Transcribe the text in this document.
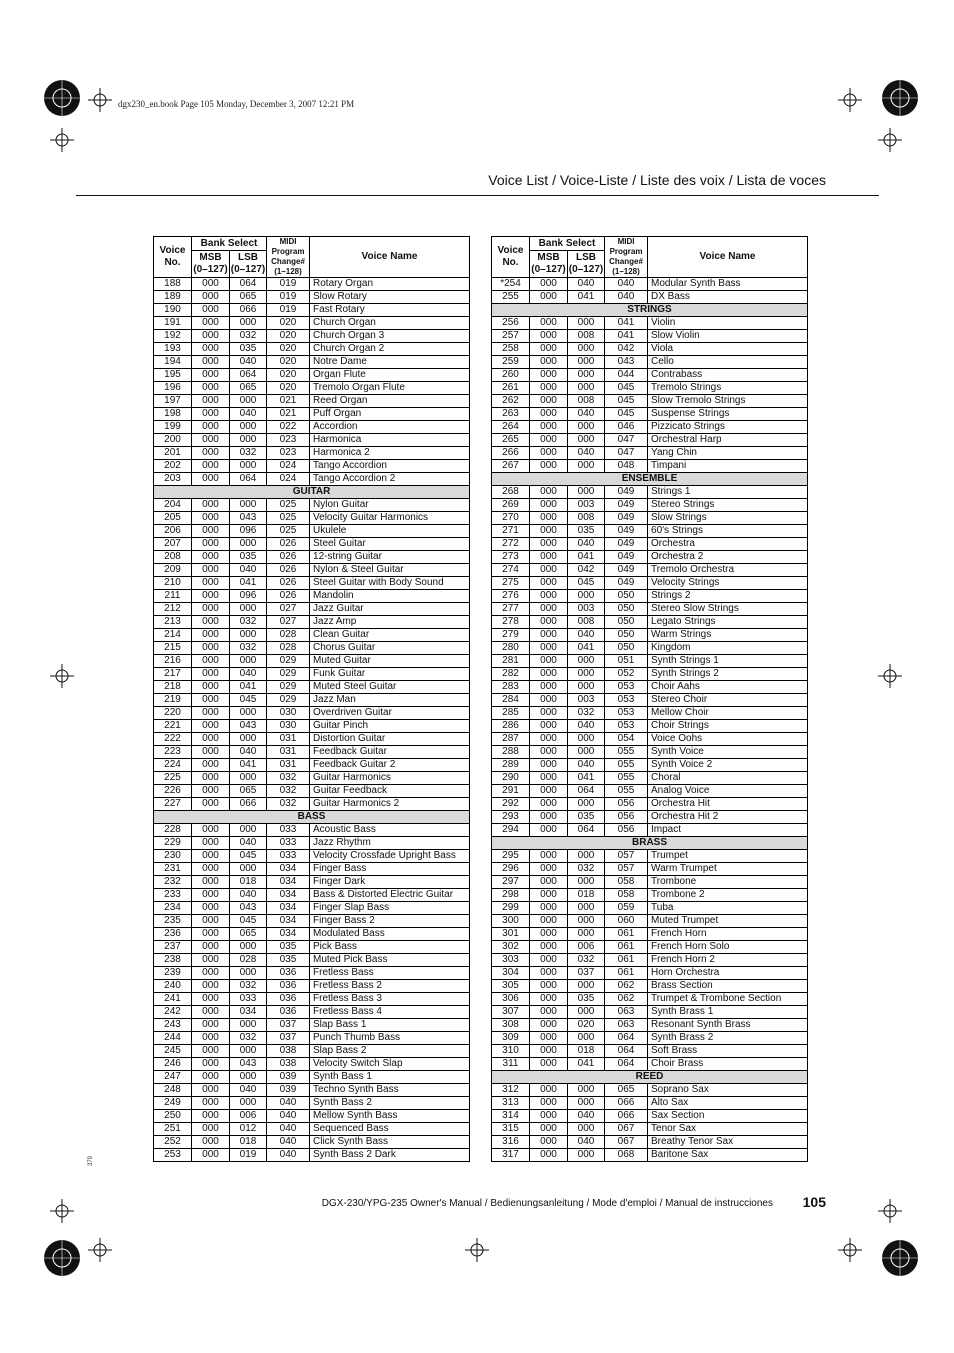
dgx230_en.book Page 105 Monday, December 3, 2007 12:21 PM
Voice List / Voice-Liste / Liste des voix / Lista de voces
Voice
No.	Bank Select		MIDI
Program
Change#
(1–128)	Voice Name
	MSB
(0–127)	LSB
(0–127)		
188	000	064	019	Rotary Organ
189	000	065	019	Slow Rotary
190	000	066	019	Fast Rotary
191	000	000	020	Church Organ
192	000	032	020	Church Organ 3
193	000	035	020	Church Organ 2
194	000	040	020	Notre Dame
195	000	064	020	Organ Flute
196	000	065	020	Tremolo Organ Flute
197	000	000	021	Reed Organ
198	000	040	021	Puff Organ
199	000	000	022	Accordion
200	000	000	023	Harmonica
201	000	032	023	Harmonica 2
202	000	000	024	Tango Accordion
203	000	064	024	Tango Accordion 2
GUITAR				
204	000	000	025	Nylon Guitar
205	000	043	025	Velocity Guitar Harmonics
206	000	096	025	Ukulele
207	000	000	026	Steel Guitar
208	000	035	026	12-string Guitar
209	000	040	026	Nylon & Steel Guitar
210	000	041	026	Steel Guitar with Body Sound
211	000	096	026	Mandolin
212	000	000	027	Jazz Guitar
213	000	032	027	Jazz Amp
214	000	000	028	Clean Guitar
215	000	032	028	Chorus Guitar
216	000	000	029	Muted Guitar
217	000	040	029	Funk Guitar
218	000	041	029	Muted Steel Guitar
219	000	045	029	Jazz Man
220	000	000	030	Overdriven Guitar
221	000	043	030	Guitar Pinch
222	000	000	031	Distortion Guitar
223	000	040	031	Feedback Guitar
224	000	041	031	Feedback Guitar 2
225	000	000	032	Guitar Harmonics
226	000	065	032	Guitar Feedback
227	000	066	032	Guitar Harmonics 2
BASS				
228	000	000	033	Acoustic Bass
229	000	040	033	Jazz Rhythm
230	000	045	033	Velocity Crossfade Upright Bass
231	000	000	034	Finger Bass
232	000	018	034	Finger Dark
233	000	040	034	Bass & Distorted Electric Guitar
234	000	043	034	Finger Slap Bass
235	000	045	034	Finger Bass 2
236	000	065	034	Modulated Bass
237	000	000	035	Pick Bass
238	000	028	035	Muted Pick Bass
239	000	000	036	Fretless Bass
240	000	032	036	Fretless Bass 2
241	000	033	036	Fretless Bass 3
242	000	034	036	Fretless Bass 4
243	000	000	037	Slap Bass 1
244	000	032	037	Punch Thumb Bass
245	000	000	038	Slap Bass 2
246	000	043	038	Velocity Switch Slap
247	000	000	039	Synth Bass 1
248	000	040	039	Techno Synth Bass
249	000	000	040	Synth Bass 2
250	000	006	040	Mellow Synth Bass
251	000	012	040	Sequenced Bass
252	000	018	040	Click Synth Bass
253	000	019	040	Synth Bass 2 Dark
Voice
No.	Bank Select		MIDI
Program
Change#
(1–128)	Voice Name
	MSB
(0–127)	LSB
(0–127)		
*254	000	040	040	Modular Synth Bass
255	000	041	040	DX Bass
STRINGS				
256	000	000	041	Violin
257	000	008	041	Slow Violin
258	000	000	042	Viola
259	000	000	043	Cello
260	000	000	044	Contrabass
261	000	000	045	Tremolo Strings
262	000	008	045	Slow Tremolo Strings
263	000	040	045	Suspense Strings
264	000	000	046	Pizzicato Strings
265	000	000	047	Orchestral Harp
266	000	040	047	Yang Chin
267	000	000	048	Timpani
ENSEMBLE				
268	000	000	049	Strings 1
269	000	003	049	Stereo Strings
270	000	008	049	Slow Strings
271	000	035	049	60's Strings
272	000	040	049	Orchestra
273	000	041	049	Orchestra 2
274	000	042	049	Tremolo Orchestra
275	000	045	049	Velocity Strings
276	000	000	050	Strings 2
277	000	003	050	Stereo Slow Strings
278	000	008	050	Legato Strings
279	000	040	050	Warm Strings
280	000	041	050	Kingdom
281	000	000	051	Synth Strings 1
282	000	000	052	Synth Strings 2
283	000	000	053	Choir Aahs
284	000	003	053	Stereo Choir
285	000	032	053	Mellow Choir
286	000	040	053	Choir Strings
287	000	000	054	Voice Oohs
288	000	000	055	Synth Voice
289	000	040	055	Synth Voice 2
290	000	041	055	Choral
291	000	064	055	Analog Voice
292	000	000	056	Orchestra Hit
293	000	035	056	Orchestra Hit 2
294	000	064	056	Impact
BRASS				
295	000	000	057	Trumpet
296	000	032	057	Warm Trumpet
297	000	000	058	Trombone
298	000	018	058	Trombone 2
299	000	000	059	Tuba
300	000	000	060	Muted Trumpet
301	000	000	061	French Horn
302	000	006	061	French Horn Solo
303	000	032	061	French Horn 2
304	000	037	061	Horn Orchestra
305	000	000	062	Brass Section
306	000	035	062	Trumpet & Trombone Section
307	000	000	063	Synth Brass 1
308	000	020	063	Resonant Synth Brass
309	000	000	064	Synth Brass 2
310	000	018	064	Soft Brass
311	000	041	064	Choir Brass
REED				
312	000	000	065	Soprano Sax
313	000	000	066	Alto Sax
314	000	040	066	Sax Section
315	000	000	067	Tenor Sax
316	000	040	067	Breathy Tenor Sax
317	000	000	068	Baritone Sax
379
DGX-230/YPG-235 Owner's Manual / Bedienungsanleitung / Mode d'emploi / Manual de instrucciones 105
